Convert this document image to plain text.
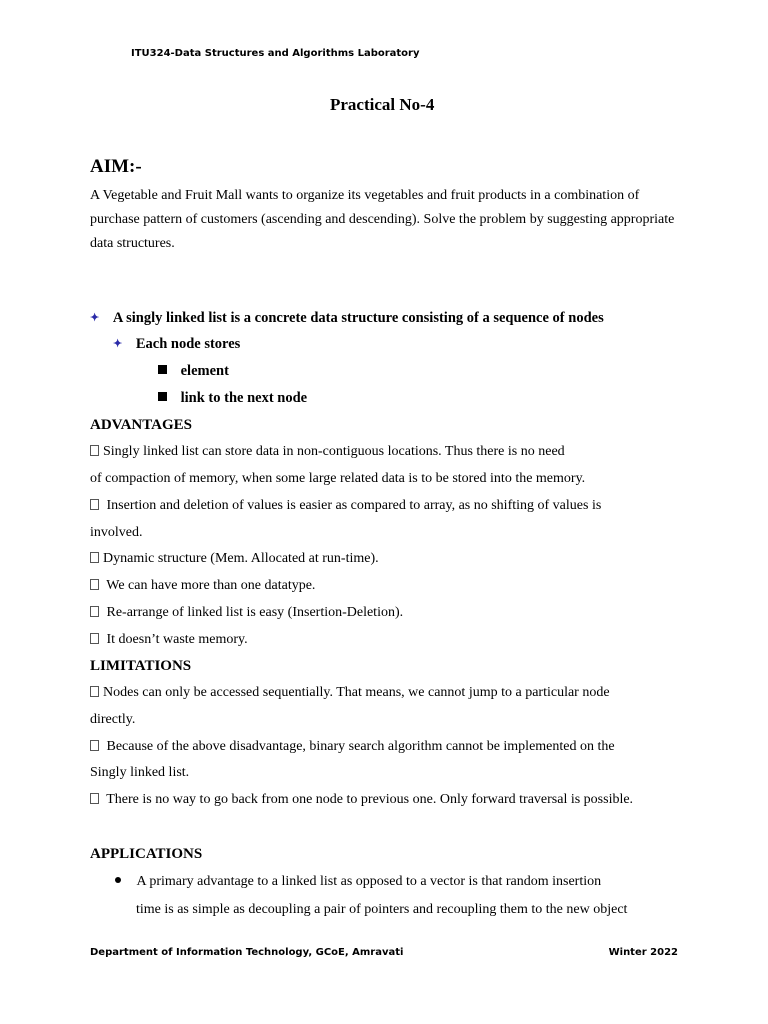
ITU324-Data Structures and Algorithms Laboratory
Practical No-4
AIM:-
A Vegetable and Fruit Mall wants to organize its vegetables and fruit products in a combination of
purchase pattern of customers (ascending and descending). Solve the problem by suggesting appropriate
data structures.
✦ A singly linked list is a concrete data structure consisting of a sequence of nodes
✦ Each node stores
element
link to the next node
ADVANTAGES
Singly linked list can store data in non-contiguous locations. Thus there is no need
of compaction of memory, when some large related data is to be stored into the memory.
Insertion and deletion of values is easier as compared to array, as no shifting of values is
involved.
Dynamic structure (Mem. Allocated at run-time).
We can have more than one datatype.
Re-arrange of linked list is easy (Insertion-Deletion).
It doesn’t waste memory.
LIMITATIONS
Nodes can only be accessed sequentially. That means, we cannot jump to a particular node
directly.
Because of the above disadvantage, binary search algorithm cannot be implemented on the
Singly linked list.
There is no way to go back from one node to previous one. Only forward traversal is possible.
APPLICATIONS
A primary advantage to a linked list as opposed to a vector is that random insertion
time is as simple as decoupling a pair of pointers and recoupling them to the new object
Department of Information Technology, GCoE, Amravati	Winter 2022
